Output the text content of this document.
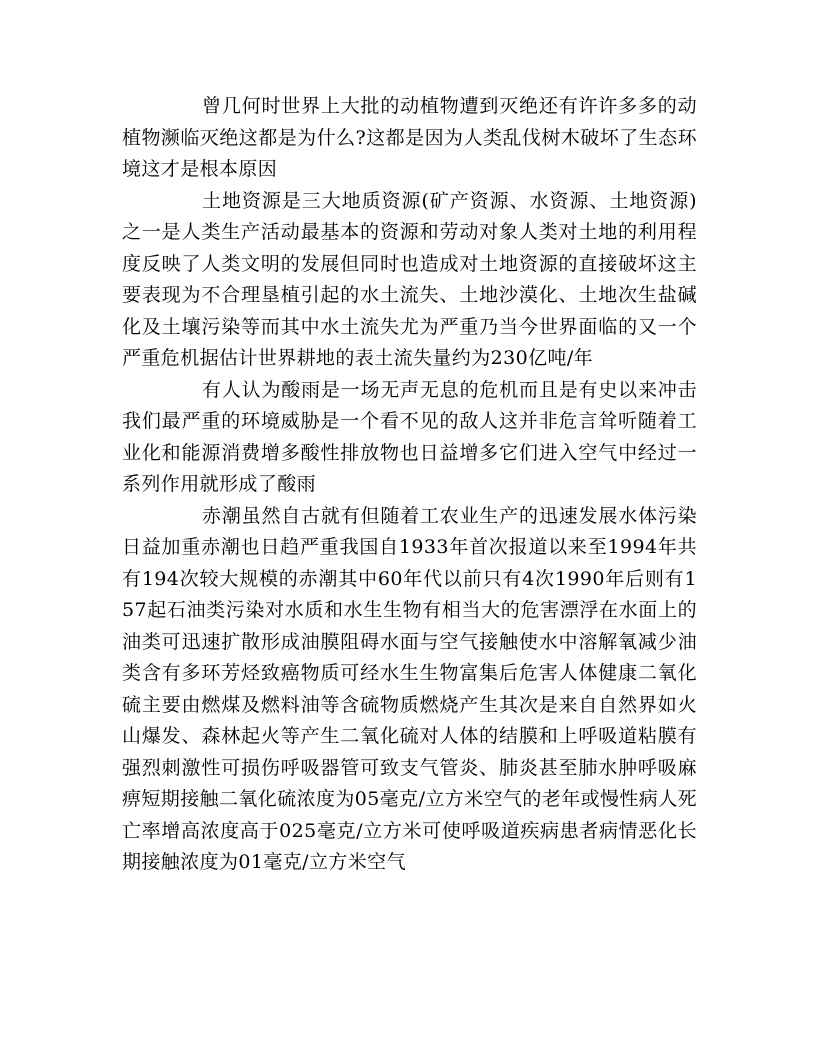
曾几何时世界上大批的动植物遭到灭绝还有许许多多的动植物濒临灭绝这都是为什么?这都是因为人类乱伐树木破坏了生态环境这才是根本原因

土地资源是三大地质资源(矿产资源、水资源、土地资源)之一是人类生产活动最基本的资源和劳动对象人类对土地的利用程度反映了人类文明的发展但同时也造成对土地资源的直接破坏这主要表现为不合理垦植引起的水土流失、土地沙漠化、土地次生盐碱化及土壤污染等而其中水土流失尤为严重乃当今世界面临的又一个严重危机据估计世界耕地的表土流失量约为230亿吨/年

有人认为酸雨是一场无声无息的危机而且是有史以来冲击我们最严重的环境威胁是一个看不见的敌人这并非危言耸听随着工业化和能源消费增多酸性排放物也日益增多它们进入空气中经过一系列作用就形成了酸雨

赤潮虽然自古就有但随着工农业生产的迅速发展水体污染日益加重赤潮也日趋严重我国自1933年首次报道以来至1994年共有194次较大规模的赤潮其中60年代以前只有4次1990年后则有157起石油类污染对水质和水生生物有相当大的危害漂浮在水面上的油类可迅速扩散形成油膜阻碍水面与空气接触使水中溶解氧减少油类含有多环芳烃致癌物质可经水生生物富集后危害人体健康二氧化硫主要由燃煤及燃料油等含硫物质燃烧产生其次是来自自然界如火山爆发、森林起火等产生二氧化硫对人体的结膜和上呼吸道粘膜有强烈刺激性可损伤呼吸器管可致支气管炎、肺炎甚至肺水肿呼吸麻痹短期接触二氧化硫浓度为05毫克/立方米空气的老年或慢性病人死亡率增高浓度高于025毫克/立方米可使呼吸道疾病患者病情恶化长期接触浓度为01毫克/立方米空气
